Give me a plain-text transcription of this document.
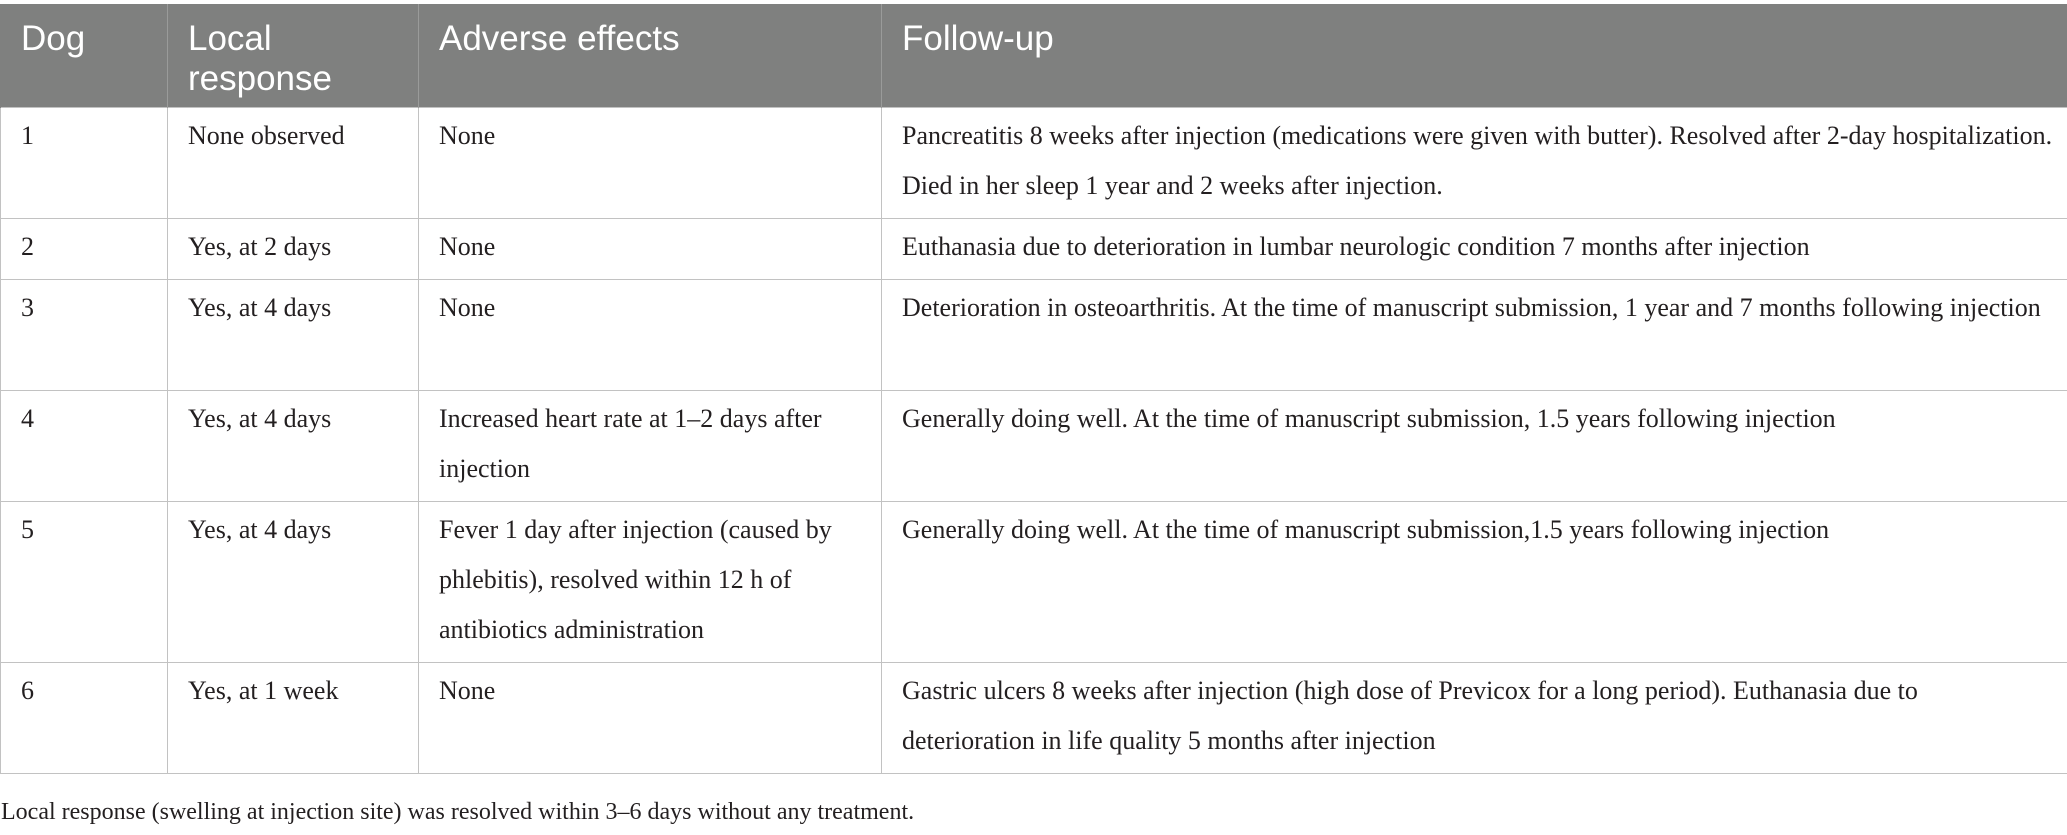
Dog	Local response	Adverse effects	Follow-up
1	None observed	None	Pancreatitis 8 weeks after injection (medications were given with butter). Resolved after 2-day hospitalization. Died in her sleep 1 year and 2 weeks after injection.
2	Yes, at 2 days	None	Euthanasia due to deterioration in lumbar neurologic condition 7 months after injection
3	Yes, at 4 days	None	Deterioration in osteoarthritis. At the time of manuscript submission, 1 year and 7 months following injection
4	Yes, at 4 days	Increased heart rate at 1–2 days after injection	Generally doing well. At the time of manuscript submission, 1.5 years following injection
5	Yes, at 4 days	Fever 1 day after injection (caused by phlebitis), resolved within 12 h of antibiotics administration	Generally doing well. At the time of manuscript submission,1.5 years following injection
6	Yes, at 1 week	None	Gastric ulcers 8 weeks after injection (high dose of Previcox for a long period). Euthanasia due to deterioration in life quality 5 months after injection
Local response (swelling at injection site) was resolved within 3–6 days without any treatment.
